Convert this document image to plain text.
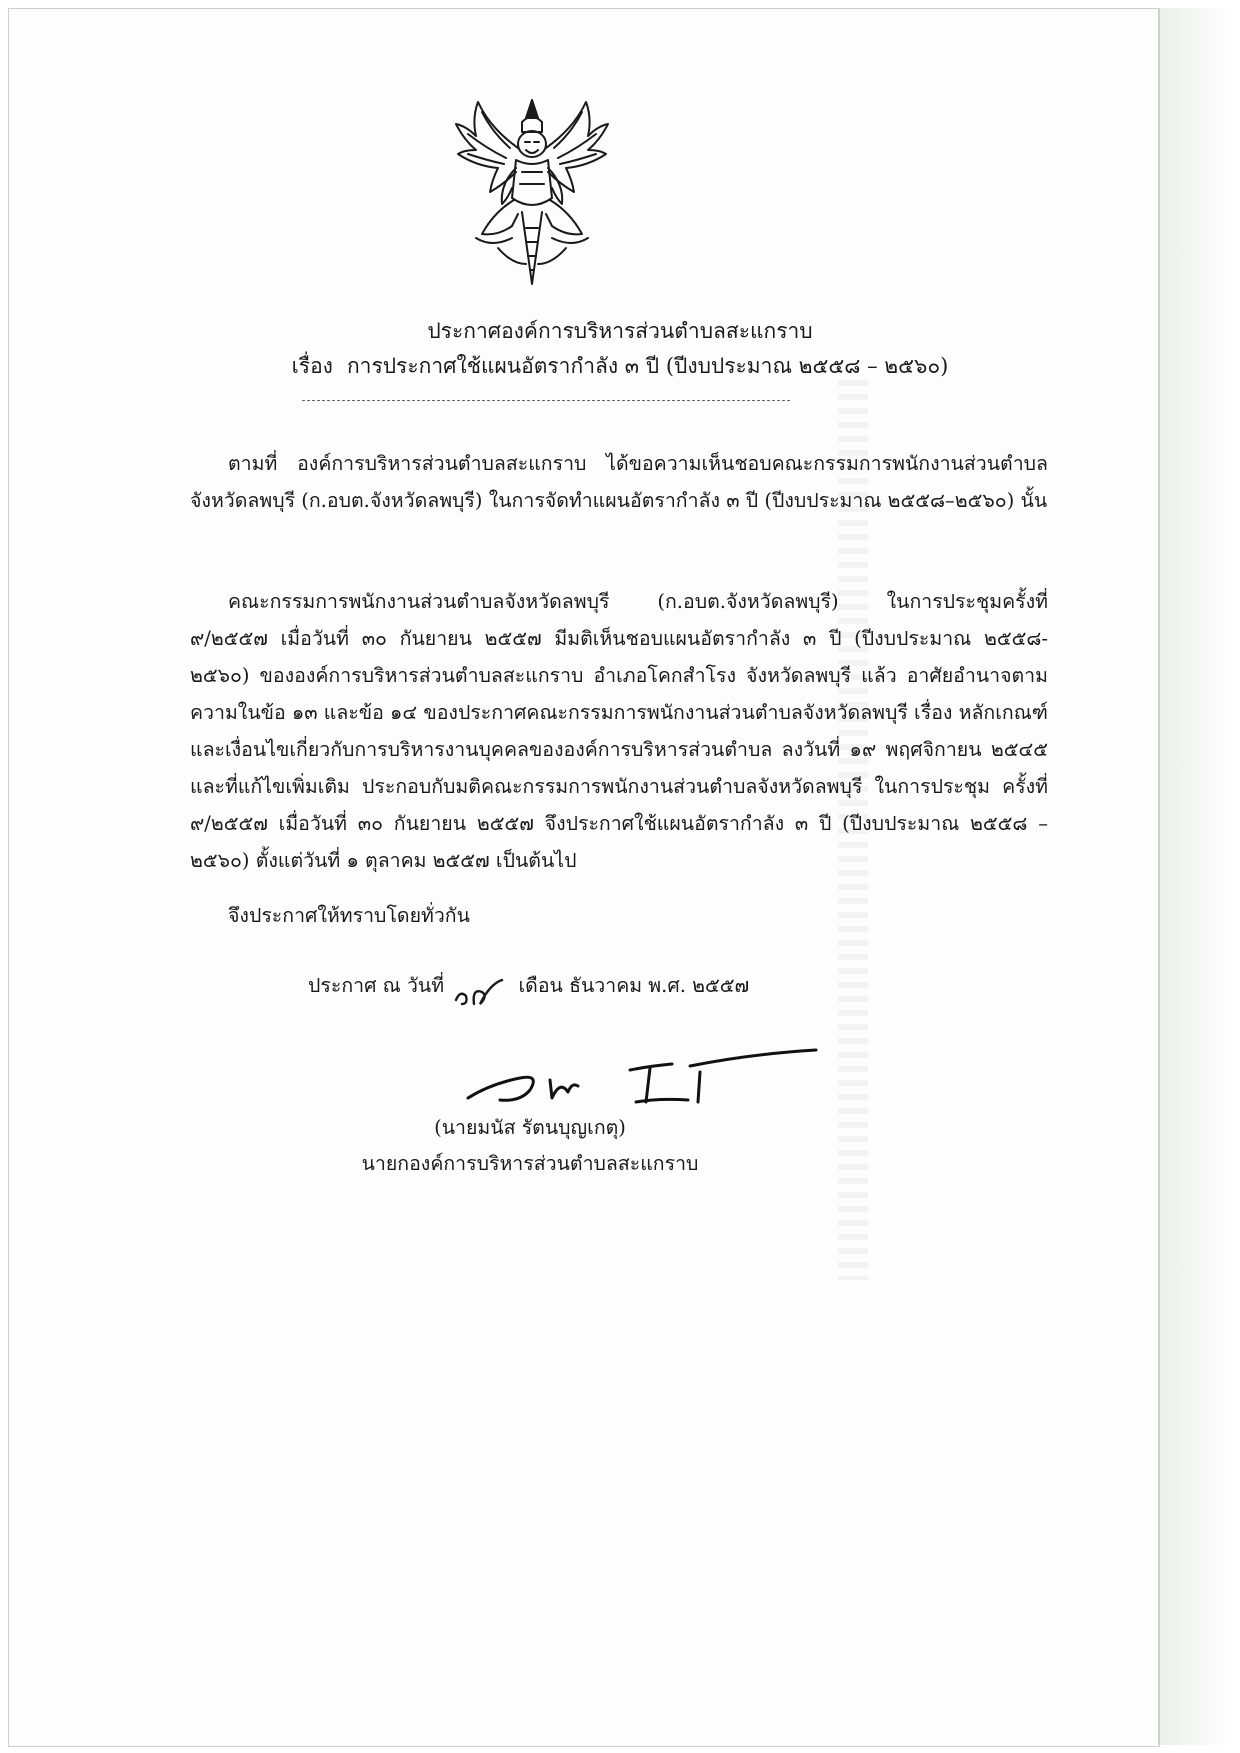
ประกาศองค์การบริหารส่วนตำบลสะแกราบ
เรื่อง การประกาศใช้แผนอัตรากำลัง ๓ ปี (ปีงบประมาณ ๒๕๕๘ – ๒๕๖๐)

ตามที่ องค์การบริหารส่วนตำบลสะแกราบ ได้ขอความเห็นชอบคณะกรรมการพนักงานส่วนตำบลจังหวัดลพบุรี (ก.อบต.จังหวัดลพบุรี) ในการจัดทำแผนอัตรากำลัง ๓ ปี (ปีงบประมาณ ๒๕๕๘–๒๕๖๐) นั้น

คณะกรรมการพนักงานส่วนตำบลจังหวัดลพบุรี (ก.อบต.จังหวัดลพบุรี) ในการประชุมครั้งที่ ๙/๒๕๕๗ เมื่อวันที่ ๓๐ กันยายน ๒๕๕๗ มีมติเห็นชอบแผนอัตรากำลัง ๓ ปี (ปีงบประมาณ ๒๕๕๘- ๒๕๖๐) ขององค์การบริหารส่วนตำบลสะแกราบ อำเภอโคกสำโรง จังหวัดลพบุรี แล้ว อาศัยอำนาจตามความในข้อ ๑๓ และข้อ ๑๔ ของประกาศคณะกรรมการพนักงานส่วนตำบลจังหวัดลพบุรี เรื่อง หลักเกณฑ์และเงื่อนไขเกี่ยวกับการบริหารงานบุคคลขององค์การบริหารส่วนตำบล ลงวันที่ ๑๙ พฤศจิกายน ๒๕๔๕ และที่แก้ไขเพิ่มเติม ประกอบกับมติคณะกรรมการพนักงานส่วนตำบลจังหวัดลพบุรี ในการประชุม ครั้งที่ ๙/๒๕๕๗ เมื่อวันที่ ๓๐ กันยายน ๒๕๕๗ จึงประกาศใช้แผนอัตรากำลัง ๓ ปี (ปีงบประมาณ ๒๕๕๘ – ๒๕๖๐) ตั้งแต่วันที่ ๑ ตุลาคม ๒๕๕๗ เป็นต้นไป

จึงประกาศให้ทราบโดยทั่วกัน
ประกาศ ณ วันที่	เดือน ธันวาคม พ.ศ. ๒๕๕๗
(นายมนัส รัตนบุญเกตุ)
นายกองค์การบริหารส่วนตำบลสะแกราบ
